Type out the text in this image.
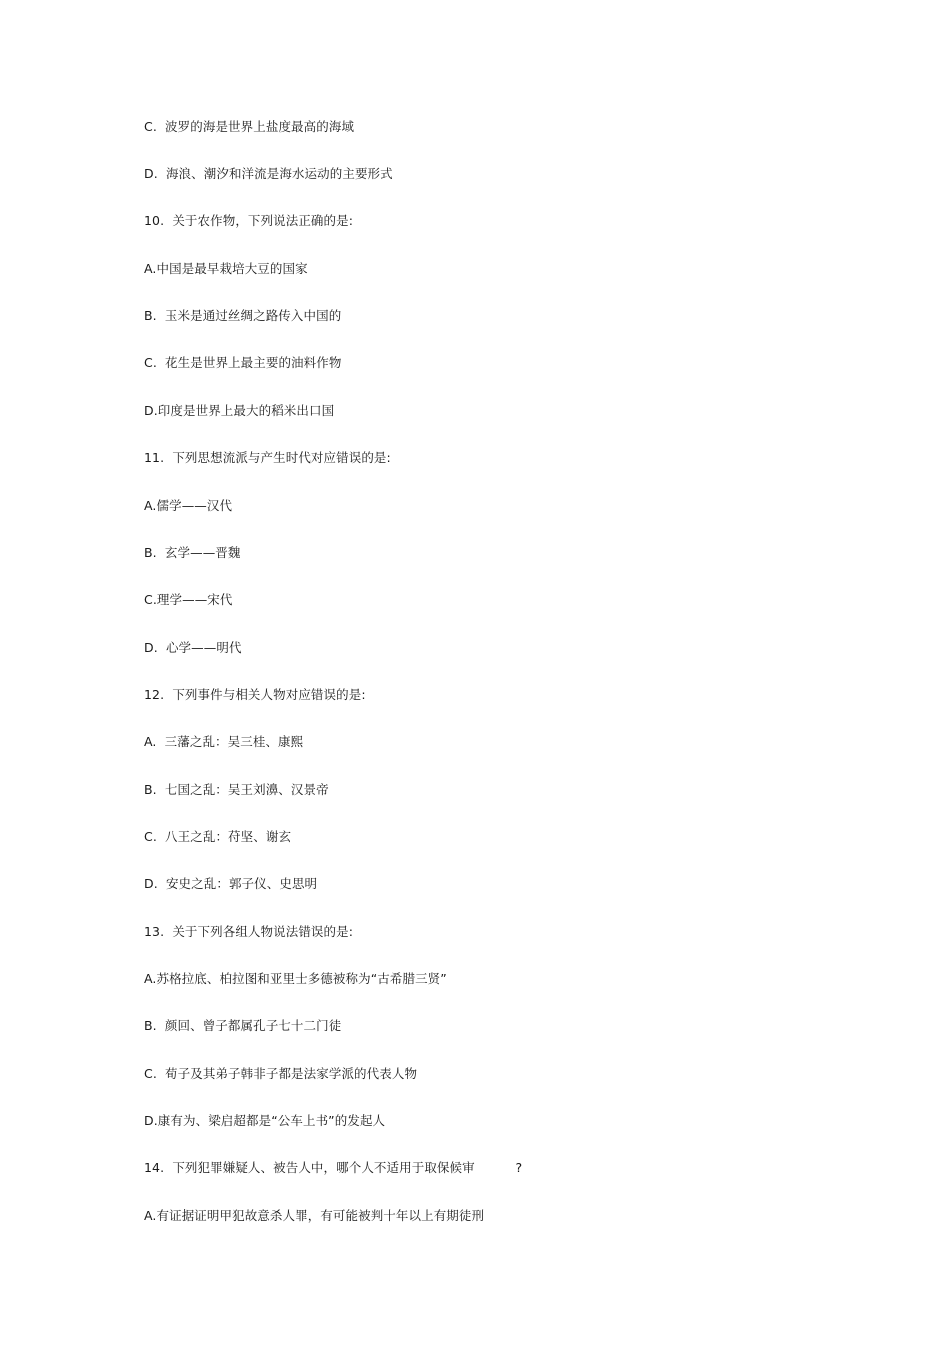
C.  波罗的海是世界上盐度最高的海域
D.  海浪、潮汐和洋流是海水运动的主要形式
10.  关于农作物，下列说法正确的是:
A.中国是最早栽培大豆的国家
B.  玉米是通过丝绸之路传入中国的
C.  花生是世界上最主要的油料作物
D.印度是世界上最大的稻米出口国
11.  下列思想流派与产生时代对应错误的是:
A.儒学——汉代
B.  玄学——晋魏
C.理学——宋代
D.  心学——明代
12.  下列事件与相关人物对应错误的是:
A.  三藩之乱：吴三桂、康熙
B.  七国之乱：吴王刘濞、汉景帝
C.  八王之乱：苻坚、谢玄
D.  安史之乱：郭子仪、史思明
13.  关于下列各组人物说法错误的是:
A.苏格拉底、柏拉图和亚里士多德被称为“古希腊三贤”
B.  颜回、曾子都属孔子七十二门徒
C.  荀子及其弟子韩非子都是法家学派的代表人物
D.康有为、梁启超都是“公车上书”的发起人
14.  下列犯罪嫌疑人、被告人中，哪个人不适用于取保候审          ?
A.有证据证明甲犯故意杀人罪，有可能被判十年以上有期徒刑
